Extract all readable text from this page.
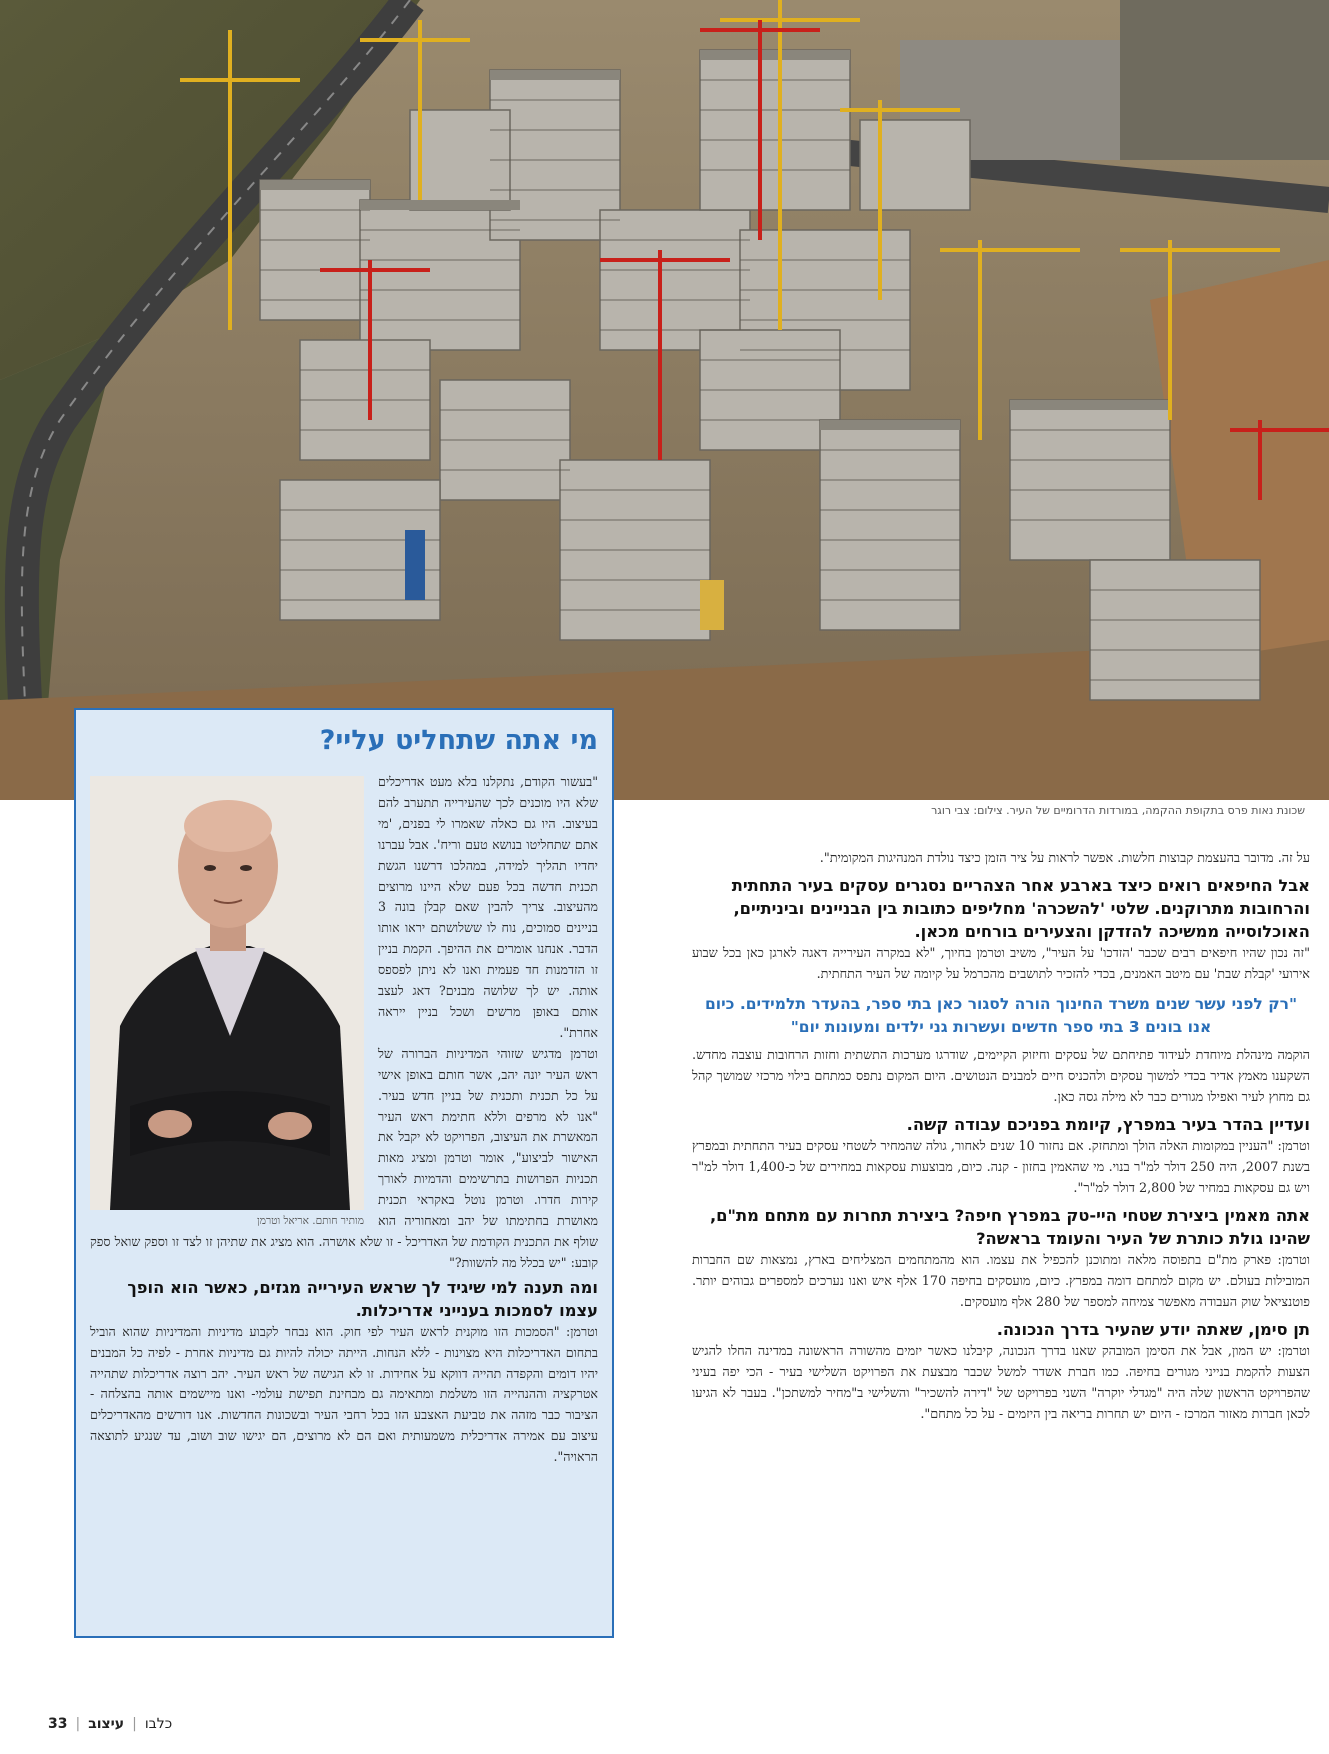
שכונת נאות פרס בתקופת ההקמה, במורדות הדרומיים של העיר. צילום: צבי רוגר
מי אתה שתחליט עליי?
מותיר חותם. אריאל וטרמן

"בעשור הקודם, נתקלנו בלא מעט אדריכלים שלא היו מוכנים לכך שהעירייה תתערב להם בעיצוב. היו גם כאלה שאמרו לי בפנים, 'מי אתם שתחליטו בנושא טעם וריח'. אבל עברנו יחדיו תהליך למידה, במהלכו דרשנו הגשת תכנית חדשה בכל פעם שלא היינו מרוצים מהעיצוב. צריך להבין שאם קבלן בונה 3 בניינים סמוכים, נוח לו ששלושתם יראו אותו הדבר. אנחנו אומרים את ההיפך. הקמת בניין זו הזדמנות חד פעמית ואנו לא ניתן לפספס אותה. יש לך שלושה מבנים? דאג לעצב אותם באופן מרשים ושכל בניין ייראה אחרת".

וטרמן מדגיש שזוהי המדיניות הברורה של ראש העיר יונה יהב, אשר חותם באופן אישי על כל תכנית ותכנית של בניין חדש בעיר. "אנו לא מרפים וללא חתימת ראש העיר המאשרת את העיצוב, הפרויקט לא יקבל את האישור לביצוע", אומר וטרמן ומציג מאות תכניות הפרושות בתרשימים והדמיות לאורך קירות חדרו. וטרמן נוטל באקראי תכנית מאושרת בחתימתו של יהב ומאחוריה הוא שולף את התכנית הקודמת של האדריכל - זו שלא אושרה. הוא מציג את שתיהן זו לצד זו וספק שואל ספק קובע: "יש בכלל מה להשוות?"

ומה תענה למי שיגיד לך שראש העירייה מגזים, כאשר הוא הופך עצמו לסמכות בענייני אדריכלות.

וטרמן: "הסמכות הזו מוקנית לראש העיר לפי חוק. הוא נבחר לקבוע מדיניות והמדיניות שהוא הוביל בתחום האדריכלות היא מצוינות - ללא הנחות. הייתה יכולה להיות גם מדיניות אחרת - לפיה כל המבנים יהיו דומים והקפדה תהייה דווקא על אחידות. זו לא הגישה של ראש העיר. יהב רוצה אדריכלות שתהייה אטרקציה וההנהייה הזו משלמת ומתאימה גם מבחינת תפישת עולמי- ואנו מיישמים אותה בהצלחה - הציבור כבר מזהה את טביעת האצבע הזו בכל רחבי העיר ובשכונות החדשות. אנו דורשים מהאדריכלים עיצוב עם אמירה אדריכלית משמעותית ואם הם לא מרוצים, הם יגישו שוב ושוב, עד שנגיע לתוצאה הראויה".

על זה. מדובר בהעצמת קבוצות חלשות. אפשר לראות על ציר הזמן כיצד נולדת המנהיגות המקומית".

אבל החיפאים רואים כיצד בארבע אחר הצהריים נסגרים עסקים בעיר התחתית והרחובות מתרוקנים. שלטי 'להשכרה' מחליפים כתובות בין הבניינים וביניתיים, האוכלוסייה ממשיכה להזדקן והצעירים בורחים מכאן.

"זה נכון שהיו חיפאים רבים שכבר 'הזדכו' על העיר", משיב וטרמן בחיוך, "לא במקרה העירייה דאגה לארגן כאן בכל שבוע אירועי 'קבלת שבת' עם מיטב האמנים, בכדי להזכיר לתושבים מהכרמל על קיומה של העיר התחתית.

"רק לפני עשר שנים משרד החינוך הורה לסגור כאן בתי ספר, בהעדר תלמידים. כיום אנו בונים 3 בתי ספר חדשים ועשרות גני ילדים ומעונות יום"

הוקמה מינהלת מיוחדת לעידוד פתיחתם של עסקים וחיזוק הקיימים, שודרגו מערכות התשתית וחזות הרחובות עוצבה מחדש. השקענו מאמץ אדיר בכדי למשוך עסקים ולהכניס חיים למבנים הנטושים. היום המקום נתפס כמתחם בילוי מרכזי שמושך קהל גם מחוץ לעיר ואפילו מגורים כבר לא מילה גסה כאן.

ועדיין בהדר בעיר במפרץ, קיומת בפניכם עבודה קשה.

וטרמן: "העניין במקומות האלה הולך ומתחזק. אם נחזור 10 שנים לאחור, גולה שהמחיר לשטחי עסקים בעיר התחתית ובמפרץ בשנת 2007, היה 250 דולר למ"ר בנוי. מי שהאמין בחזון - קנה. כיום, מבוצעות עסקאות במחירים של כ-1,400 דולר למ"ר ויש גם עסקאות במחיר של 2,800 דולר למ"ר".

אתה מאמין ביצירת שטחי היי-טק במפרץ חיפה? ביצירת תחרות עם מתחם מת"ם, שהינו גולת כותרת של העיר והעומד בראשה?

וטרמן: פארק מת"ם בתפוסה מלאה ומתוכנן להכפיל את עצמו. הוא מהמתחמים המצליחים בארץ, נמצאות שם החברות המובילות בעולם. יש מקום למתחם דומה במפרץ. כיום, מועסקים בחיפה 170 אלף איש ואנו נערכים למספרים גבוהים יותר. פוטנציאל שוק העבודה מאפשר צמיחה למספר של 280 אלף מועסקים.

תן סימן, שאתה יודע שהעיר בדרך הנכונה.

וטרמן: יש המון, אבל את הסימן המובהק שאנו בדרך הנכונה, קיבלנו כאשר יזמים מהשורה הראשונה במדינה החלו להגיש הצעות להקמת בנייני מגורים בחיפה. כמו חברת אשדר למשל שכבר מבצעת את הפרויקט השלישי בעיר - הכי יפה בעיני שהפרויקט הראשון שלה היה "מגדלי יוקרה" השני בפרויקט של "דירה להשכיר" והשלישי ב"מחיר למשתכן". בעבר לא הגיעו לכאן חברות מאזור המרכז - היום יש תחרות בריאה בין היזמים - על כל מתחם".

33 |	כלבו|עיצוב
